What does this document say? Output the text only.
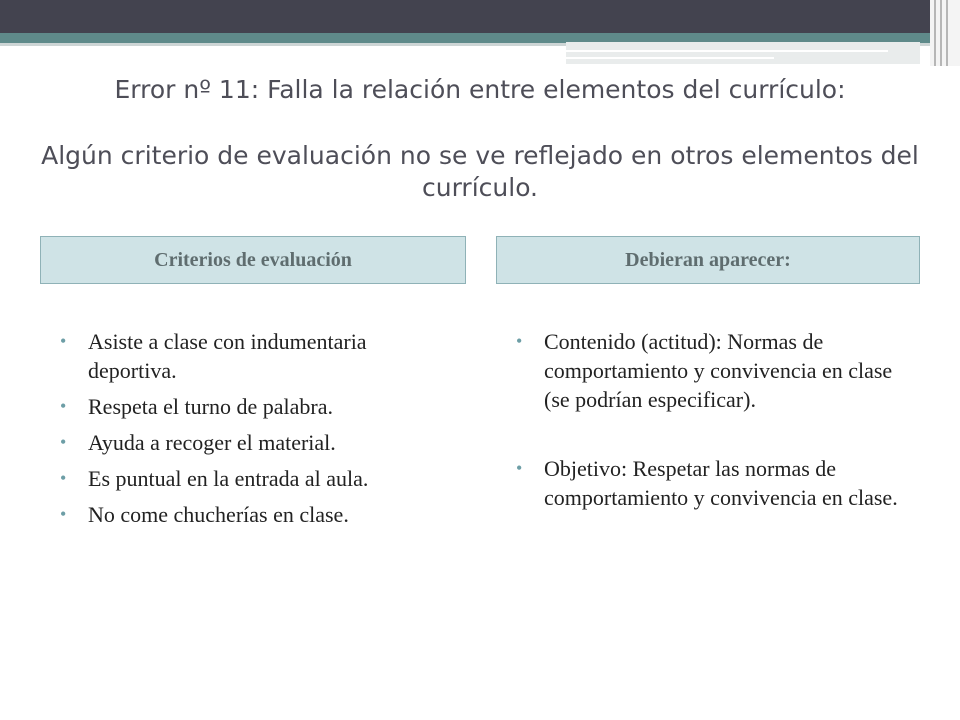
Error nº 11: Falla la relación entre elementos del currículo:
Algún criterio de evaluación no se ve reflejado en otros elementos del currículo.
Criterios de evaluación	Debieran aparecer:
• Asiste a clase con indumentaria deportiva.
• Respeta el turno de palabra.
• Ayuda a recoger el material.
• Es puntual en la entrada al aula.
• No come chucherías en clase.
• Contenido (actitud): Normas de comportamiento y convivencia en clase (se podrían especificar).
• Objetivo: Respetar las normas de comportamiento y convivencia en clase.
